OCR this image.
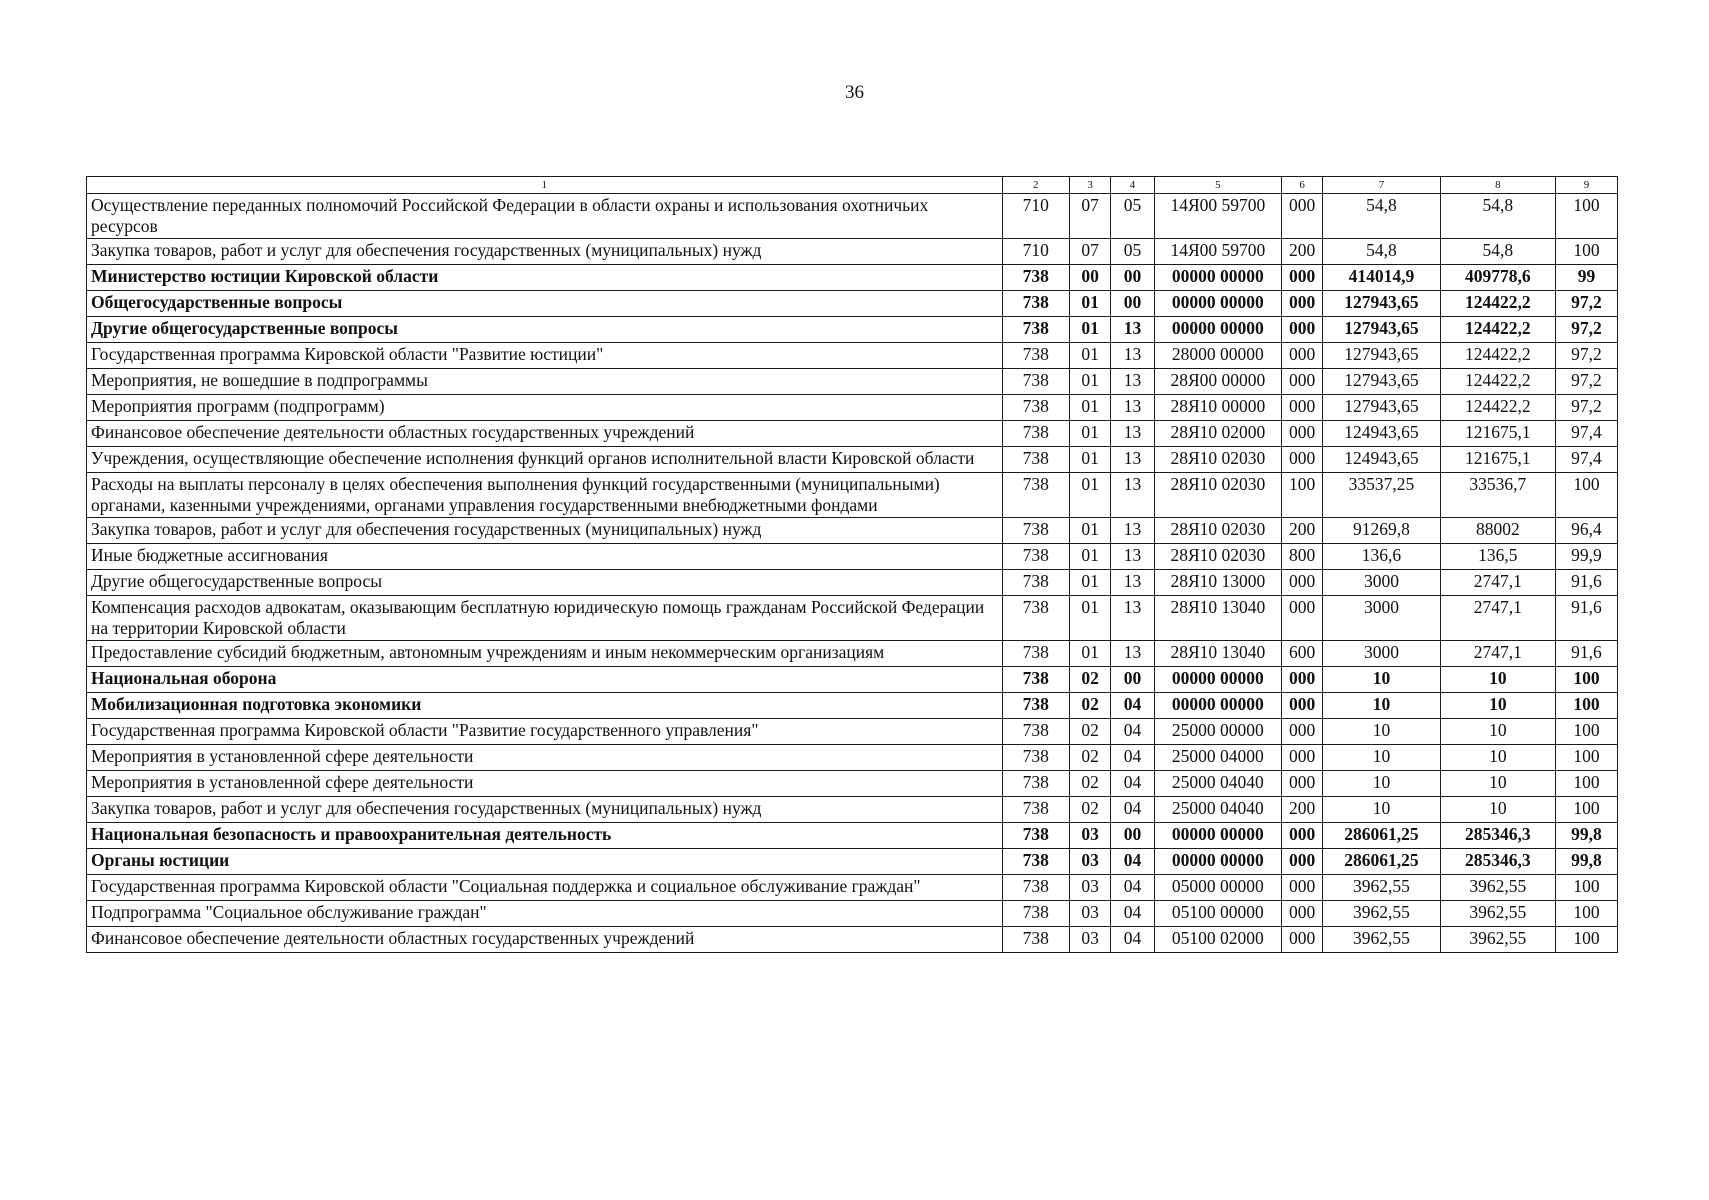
36
1	2	3	4	5	6	7	8	9
Осуществление переданных полномочий Российской Федерации в области охраны и использования охотничьих ресурсов	710	07	05	14Я00 59700	000	54,8	54,8	100
Закупка товаров, работ и услуг для обеспечения государственных (муниципальных) нужд	710	07	05	14Я00 59700	200	54,8	54,8	100
Министерство юстиции Кировской области	738	00	00	00000 00000	000	414014,9	409778,6	99
Общегосударственные вопросы	738	01	00	00000 00000	000	127943,65	124422,2	97,2
Другие общегосударственные вопросы	738	01	13	00000 00000	000	127943,65	124422,2	97,2
Государственная программа Кировской области "Развитие юстиции"	738	01	13	28000 00000	000	127943,65	124422,2	97,2
Мероприятия, не вошедшие в подпрограммы	738	01	13	28Я00 00000	000	127943,65	124422,2	97,2
Мероприятия программ (подпрограмм)	738	01	13	28Я10 00000	000	127943,65	124422,2	97,2
Финансовое обеспечение деятельности областных государственных учреждений	738	01	13	28Я10 02000	000	124943,65	121675,1	97,4
Учреждения, осуществляющие обеспечение исполнения функций органов исполнительной власти Кировской области	738	01	13	28Я10 02030	000	124943,65	121675,1	97,4
Расходы на выплаты персоналу в целях обеспечения выполнения функций государственными (муниципальными) органами, казенными учреждениями, органами управления государственными внебюджетными фондами	738	01	13	28Я10 02030	100	33537,25	33536,7	100
Закупка товаров, работ и услуг для обеспечения государственных (муниципальных) нужд	738	01	13	28Я10 02030	200	91269,8	88002	96,4
Иные бюджетные ассигнования	738	01	13	28Я10 02030	800	136,6	136,5	99,9
Другие общегосударственные вопросы	738	01	13	28Я10 13000	000	3000	2747,1	91,6
Компенсация расходов адвокатам, оказывающим бесплатную юридическую помощь гражданам Российской Федерации на территории Кировской области	738	01	13	28Я10 13040	000	3000	2747,1	91,6
Предоставление субсидий бюджетным, автономным учреждениям и иным некоммерческим организациям	738	01	13	28Я10 13040	600	3000	2747,1	91,6
Национальная оборона	738	02	00	00000 00000	000	10	10	100
Мобилизационная подготовка экономики	738	02	04	00000 00000	000	10	10	100
Государственная программа Кировской области "Развитие государственного управления"	738	02	04	25000 00000	000	10	10	100
Мероприятия в установленной сфере деятельности	738	02	04	25000 04000	000	10	10	100
Мероприятия в установленной сфере деятельности	738	02	04	25000 04040	000	10	10	100
Закупка товаров, работ и услуг для обеспечения государственных (муниципальных) нужд	738	02	04	25000 04040	200	10	10	100
Национальная безопасность и правоохранительная деятельность	738	03	00	00000 00000	000	286061,25	285346,3	99,8
Органы юстиции	738	03	04	00000 00000	000	286061,25	285346,3	99,8
Государственная программа Кировской области "Социальная поддержка и социальное обслуживание граждан"	738	03	04	05000 00000	000	3962,55	3962,55	100
Подпрограмма "Социальное обслуживание граждан"	738	03	04	05100 00000	000	3962,55	3962,55	100
Финансовое обеспечение деятельности областных государственных учреждений	738	03	04	05100 02000	000	3962,55	3962,55	100
